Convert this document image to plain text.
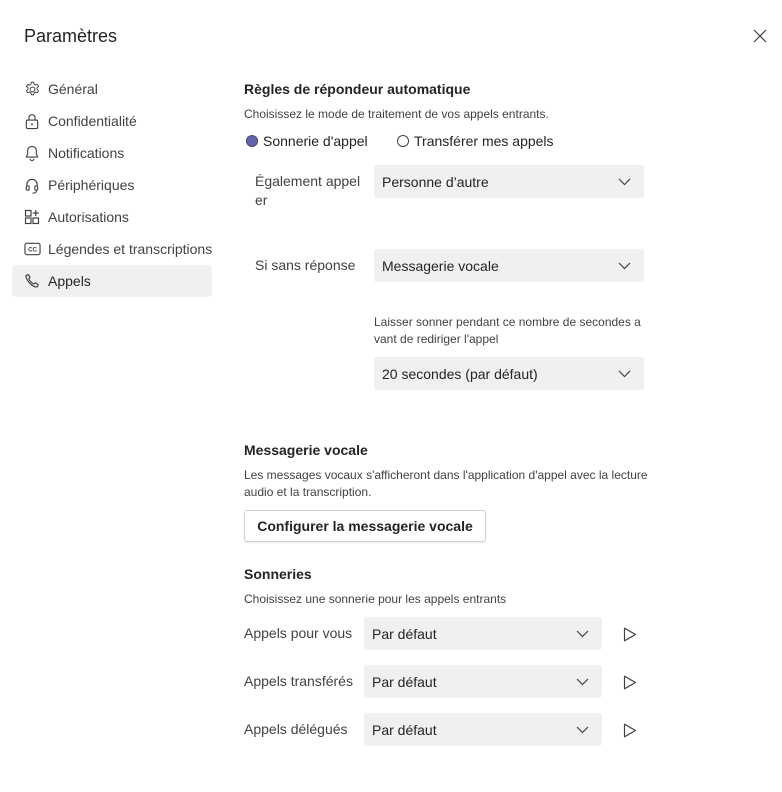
Paramètres
Général
Confidentialité
Notifications
Périphériques
Autorisations
CC Légendes et transcriptions
Appels
Règles de répondeur automatique
Choisissez le mode de traitement de vos appels entrants.
Sonnerie d'appel	Transférer mes appels
Également appeler
Personne d’autre
Si sans réponse Messagerie vocale
Laisser sonner pendant ce nombre de secondes avant de rediriger l'appel
20 secondes (par défaut)
Messagerie vocale
Les messages vocaux s'afficheront dans l'application d'appel avec la lecture audio et la transcription.
Configurer la messagerie vocale
Sonneries
Choisissez une sonnerie pour les appels entrants
Appels pour vous Par défaut
Appels transférés Par défaut
Appels délégués Par défaut
